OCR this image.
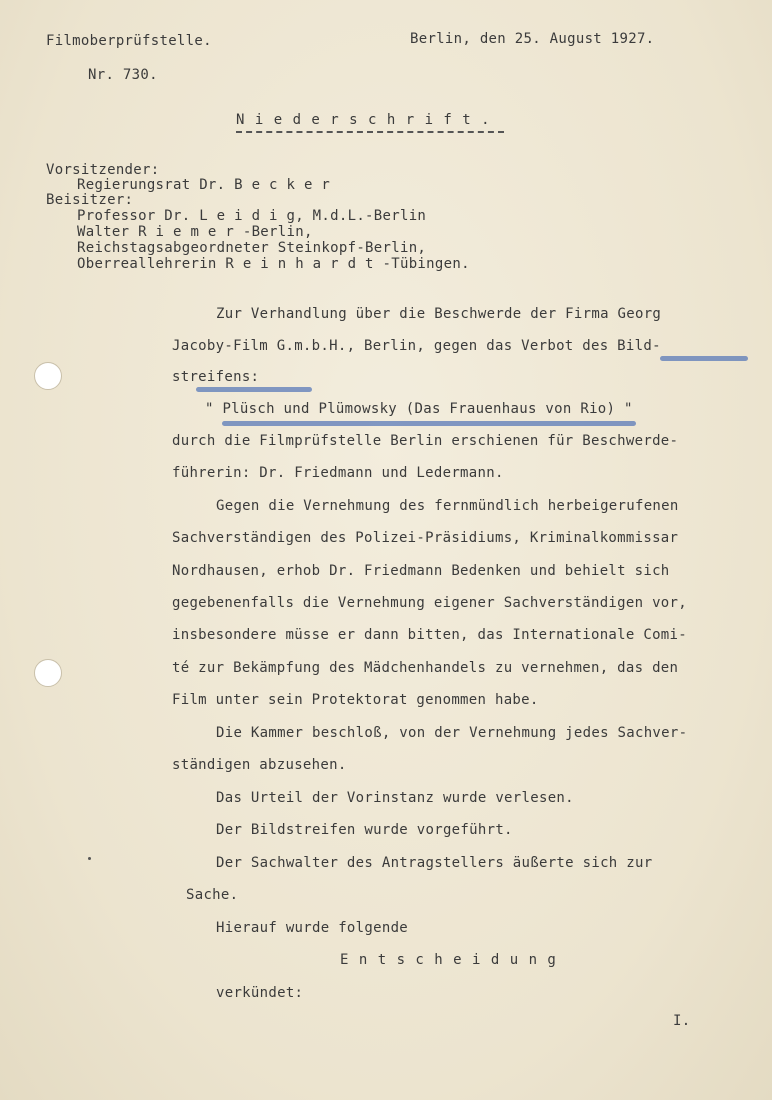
Filmoberprüfstelle.	Berlin, den 25. August 1927.
Nr. 730.
N i e d e r s c h r i f t .
Vorsitzender:
Regierungsrat Dr. B e c k e r
Beisitzer:
Professor Dr. L e i d i g, M.d.L.-Berlin
Walter R i e m e r -Berlin,
Reichstagsabgeordneter Steinkopf-Berlin,
Oberreallehrerin R e i n h a r d t -Tübingen.
Zur Verhandlung über die Beschwerde der Firma Georg
Jacoby-Film G.m.b.H., Berlin, gegen das Verbot des Bild-
streifens:
" Plüsch und Plümowsky (Das Frauenhaus von Rio) "
durch die Filmprüfstelle Berlin erschienen für Beschwerde-
führerin: Dr. Friedmann und Ledermann.
Gegen die Vernehmung des fernmündlich herbeigerufenen
Sachverständigen des Polizei-Präsidiums, Kriminalkommissar
Nordhausen, erhob Dr. Friedmann Bedenken und behielt sich
gegebenenfalls die Vernehmung eigener Sachverständigen vor,
insbesondere müsse er dann bitten, das Internationale Comi-
té zur Bekämpfung des Mädchenhandels zu vernehmen, das den
Film unter sein Protektorat genommen habe.
Die Kammer beschloß, von der Vernehmung jedes Sachver-
ständigen abzusehen.
Das Urteil der Vorinstanz wurde verlesen.
Der Bildstreifen wurde vorgeführt.
Der Sachwalter des Antragstellers äußerte sich zur
Sache.
Hierauf wurde folgende
E n t s c h e i d u n g
verkündet:
I.
